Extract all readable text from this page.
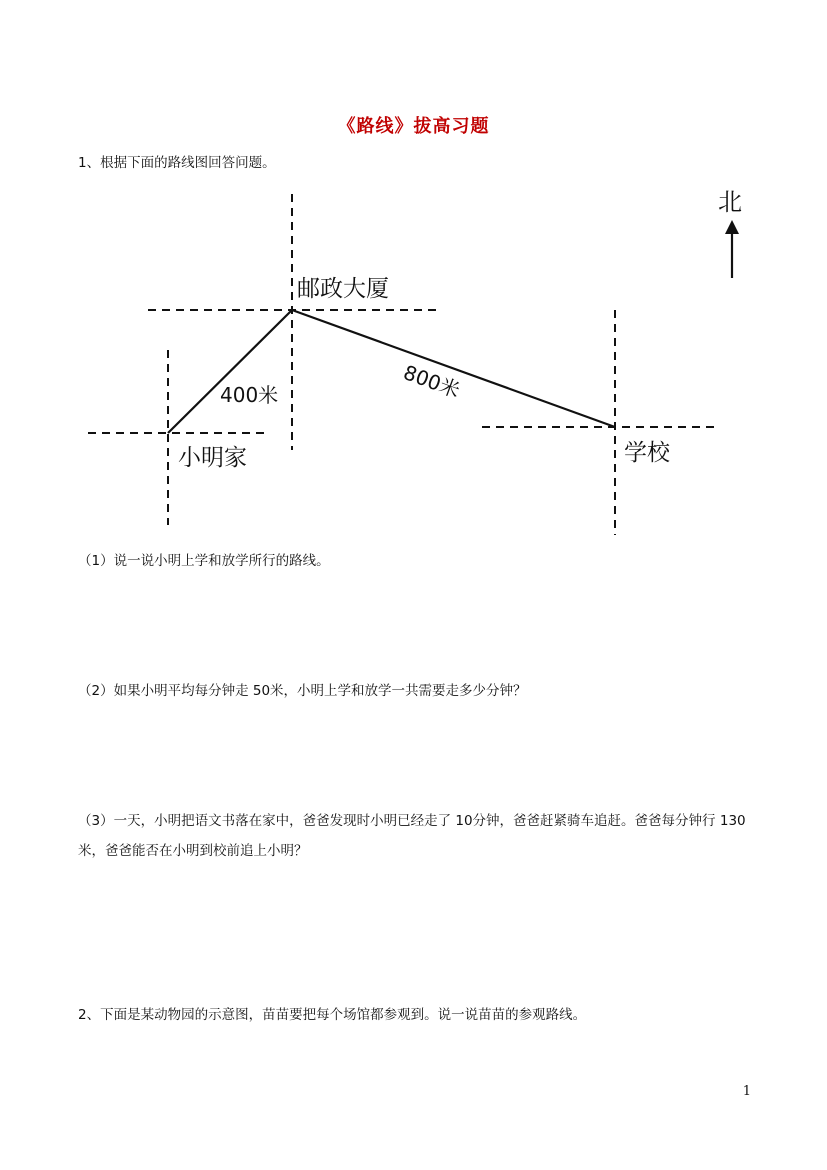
《路线》拔高习题
1、根据下面的路线图回答问题。
北
邮政大厦
小明家	学校
400米	800米
（1）说一说小明上学和放学所行的路线。
（2）如果小明平均每分钟走 50米，小明上学和放学一共需要走多少分钟？
（3）一天，小明把语文书落在家中，爸爸发现时小明已经走了 10分钟，爸爸赶紧骑车追赶。爸爸每分钟行 130 米，爸爸能否在小明到校前追上小明？
2、下面是某动物园的示意图，苗苗要把每个场馆都参观到。说一说苗苗的参观路线。
1
